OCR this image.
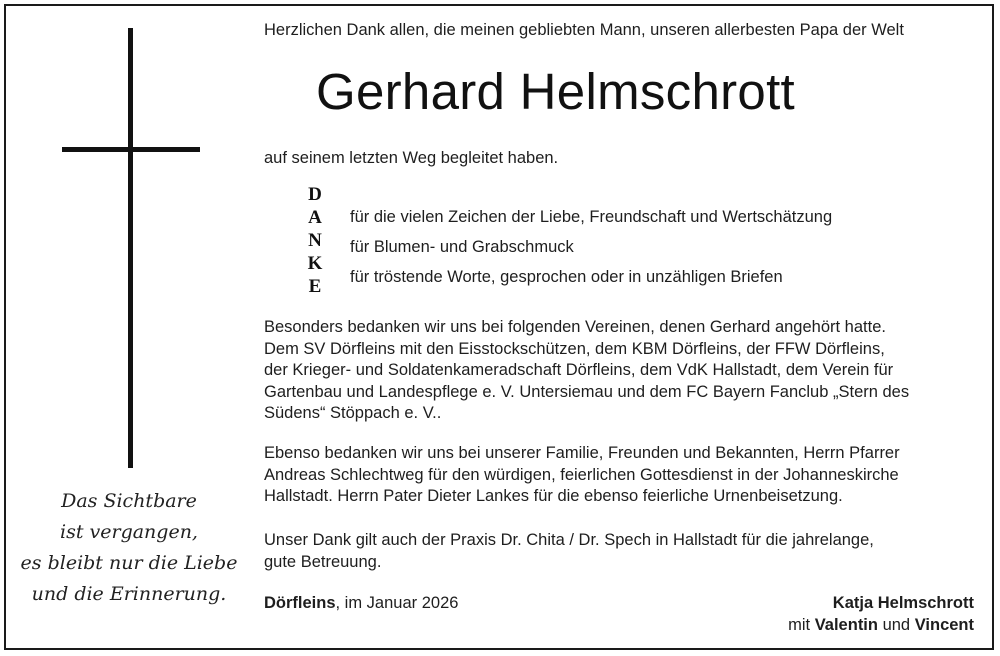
Das Sichtbare
ist vergangen,
es bleibt nur die Liebe
und die Erinnerung.
Herzlichen Dank allen, die meinen gebliebten Mann, unseren allerbesten Papa der Welt
Gerhard Helmschrott
auf seinem letzten Weg begleitet haben.
D
A
N
K
E
für die vielen Zeichen der Liebe, Freundschaft und Wertschätzung
für Blumen- und Grabschmuck
für tröstende Worte, gesprochen oder in unzähligen Briefen
Besonders bedanken wir uns bei folgenden Vereinen, denen Gerhard angehört hatte.
Dem SV Dörfleins mit den Eisstockschützen, dem KBM Dörfleins, der FFW Dörfleins,
der Krieger- und Soldatenkameradschaft Dörfleins, dem VdK Hallstadt, dem Verein für
Gartenbau und Landespflege e. V. Untersiemau und dem FC Bayern Fanclub „Stern des
Südens“ Stöppach e. V..
Ebenso bedanken wir uns bei unserer Familie, Freunden und Bekannten, Herrn Pfarrer
Andreas Schlechtweg für den würdigen, feierlichen Gottesdienst in der Johanneskirche
Hallstadt. Herrn Pater Dieter Lankes für die ebenso feierliche Urnenbeisetzung.
Unser Dank gilt auch der Praxis Dr. Chita / Dr. Spech in Hallstadt für die jahrelange,
gute Betreuung.
Dörfleins, im Januar 2026	Katja Helmschrott
mit Valentin und Vincent
